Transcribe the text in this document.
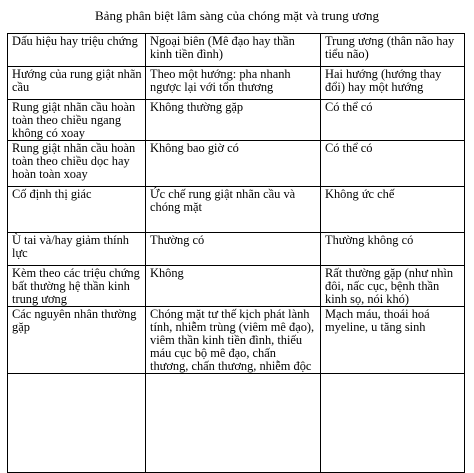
Bảng phân biệt lâm sàng của chóng mặt và trung ương
Dấu hiệu hay triệu chứng	Ngoại biên (Mê đạo hay thần kinh tiền đình)	Trung ương (thân não hay tiểu não)

Hướng của rung giật nhãn cầu	Theo một hướng: pha nhanh ngược lại với tổn thương	Hai hướng (hướng thay đổi) hay một hướng

Rung giật nhãn cầu hoàn toàn theo chiều ngang không có xoay	Không thường gặp	Có thể có

Rung giật nhãn cầu hoàn toàn theo chiều dọc hay hoàn toàn xoay	Không bao giờ có	Có thể có

Cố định thị giác	Ức chế rung giật nhãn cầu và chóng mặt	Không ức chế

Ù tai và/hay giảm thính lực	Thường có	Thường không có

Kèm theo các triệu chứng bất thường hệ thần kinh trung ương	Không	Rất thường gặp (như nhìn đôi, nấc cục, bệnh thần kinh sọ, nói khó)

Các nguyên nhân thường gặp	Chóng mặt tư thế kịch phát lành tính, nhiễm trùng (viêm mê đạo), viêm thần kinh tiền đình, thiếu máu cục bộ mê đạo, chấn thương, chấn thương, nhiễm độc	Mạch máu, thoái hoá myeline, u tăng sinh
